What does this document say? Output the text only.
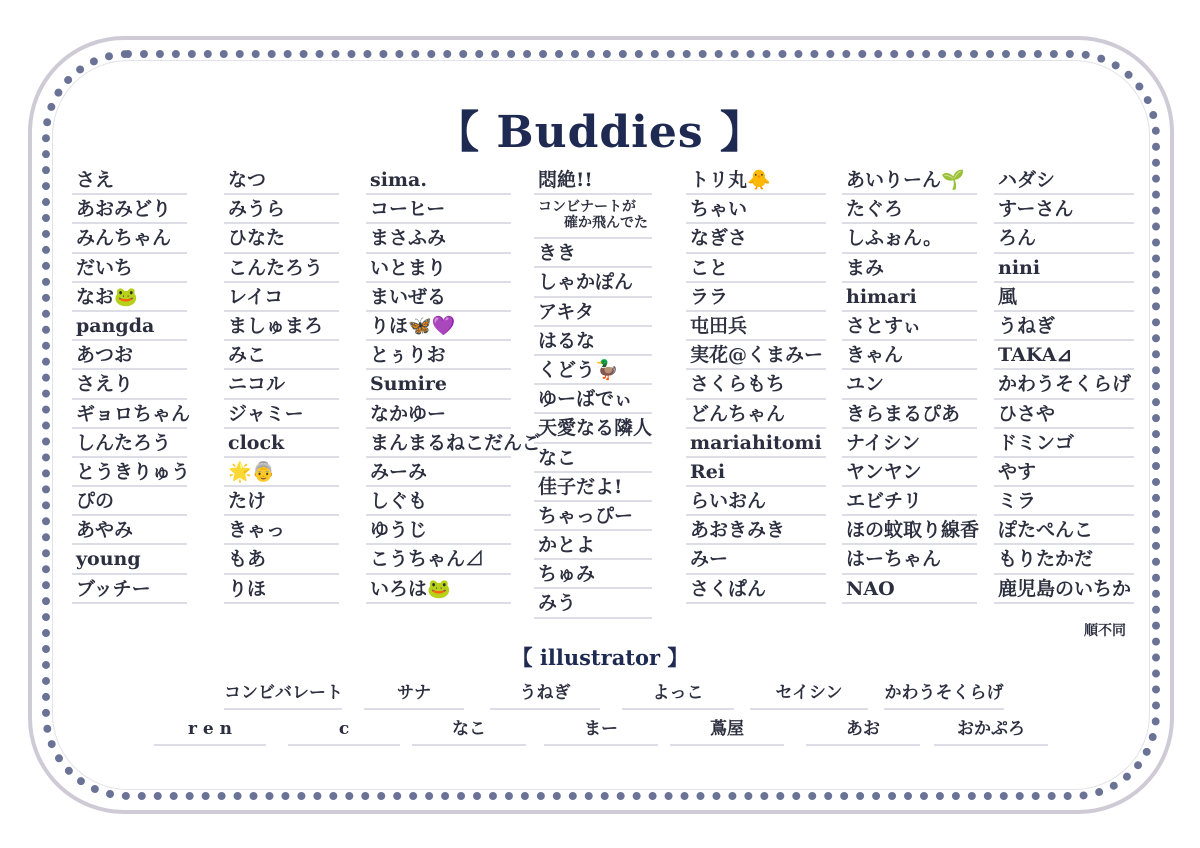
【 Buddies 】
さえ
あおみどり
みんちゃん
だいち
なお🐸
pangda
あつお
さえり
ギョロちゃん
しんたろう
とうきりゅう
ぴの
あやみ
young
ブッチー
なつ
みうら
ひなた
こんたろう
レイコ
ましゅまろ
みこ
ニコル
ジャミー
clock
🌟👵
たけ
きゃっ
もあ
りほ
sima.
コーヒー
まさふみ
いとまり
まいぜる
りほ🦋💜
とぅりお
Sumire
なかゆー
まんまるねこだんご
みーみ
しぐも
ゆうじ
こうちゃん⊿
いろは🐸
悶絶!!
コンビナートが
確か飛んでた
きき
しゃかぽん
アキタ
はるな
くどう🦆
ゆーばでぃ
天愛なる隣人
なこ
佳子だよ!
ちゃっぴー
かとよ
ちゅみ
みう
トリ丸🐥
ちゃい
なぎさ
こと
ララ
屯田兵
実花@くまみー
さくらもち
どんちゃん
mariahitomi
Rei
らいおん
あおきみき
みー
さくぱん
あいりーん🌱
たぐろ
しふぉん。
まみ
himari
さとすぃ
きゃん
ユン
きらまるぴあ
ナイシン
ヤンヤン
エビチリ
ほの蚊取り線香
はーちゃん
NAO
ハダシ
すーさん
ろん
nini
風
うねぎ
TAKA⊿
かわうそくらげ
ひさや
ドミンゴ
やす
ミラ
ぽたぺんこ
もりたかだ
鹿児島のいちか
順不同
【 illustrator 】
コンビバレート	サナ	うねぎ	よっこ	セイシン	かわうそくらげ
r e n	c	なこ	まー	蔦屋	あお	おかぷろ
